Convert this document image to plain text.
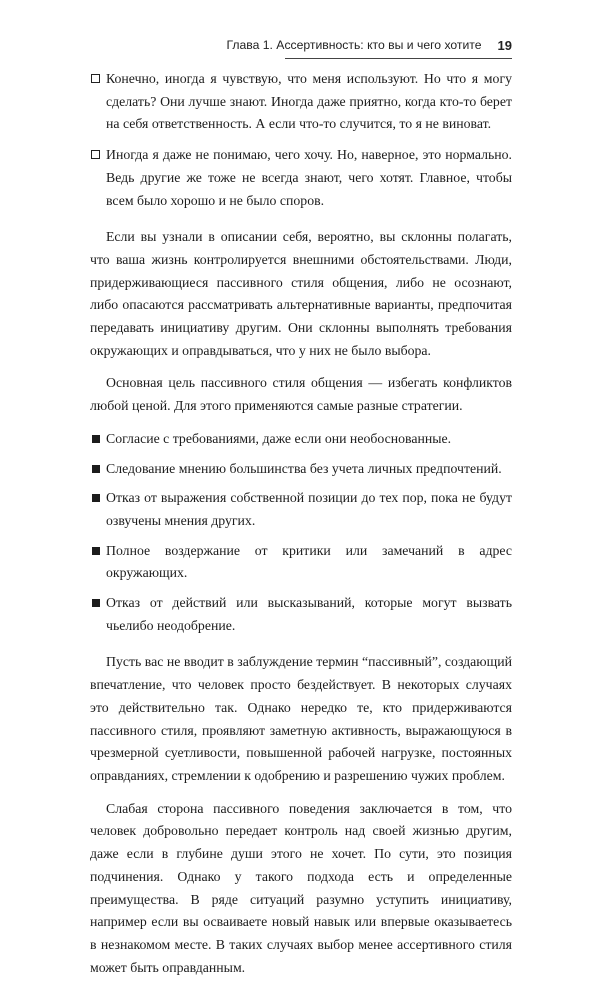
Глава 1. Ассертивность: кто вы и чего хотите 19
Конечно, иногда я чувствую, что меня используют. Но что я могу сделать? Они лучше знают. Иногда даже приятно, когда кто-то берет на себя ответственность. А если что-то случится, то я не виноват.
Иногда я даже не понимаю, чего хочу. Но, наверное, это нормально. Ведь другие же тоже не всегда знают, чего хотят. Главное, чтобы всем было хорошо и не было споров.

Если вы узнали в описании себя, вероятно, вы склонны полагать, что ваша жизнь контролируется внешними обстоятельствами. Люди, придерживающиеся пассивного стиля общения, либо не осознают, либо опасаются рассматривать альтернативные варианты, предпочитая передавать инициативу другим. Они склонны выполнять требования окружающих и оправдываться, что у них не было выбора.

Основная цель пассивного стиля общения — избегать конфликтов любой ценой. Для этого применяются самые разные стратегии.

Согласие с требованиями, даже если они необоснованные.
Следование мнению большинства без учета личных предпочтений.
Отказ от выражения собственной позиции до тех пор, пока не будут озвучены мнения других.
Полное воздержание от критики или замечаний в адрес окружающих.
Отказ от действий или высказываний, которые могут вызвать чьелибо неодобрение.

Пусть вас не вводит в заблуждение термин “пассивный”, создающий впечатление, что человек просто бездействует. В некоторых случаях это действительно так. Однако нередко те, кто придерживаются пассивного стиля, проявляют заметную активность, выражающуюся в чрезмерной суетливости, повышенной рабочей нагрузке, постоянных оправданиях, стремлении к одобрению и разрешению чужих проблем.

Слабая сторона пассивного поведения заключается в том, что человек добровольно передает контроль над своей жизнью другим, даже если в глубине души этого не хочет. По сути, это позиция подчинения. Однако у такого подхода есть и определенные преимущества. В ряде ситуаций разумно уступить инициативу, например если вы осваиваете новый навык или впервые оказываетесь в незнакомом месте. В таких случаях выбор менее ассертивного стиля может быть оправданным.
